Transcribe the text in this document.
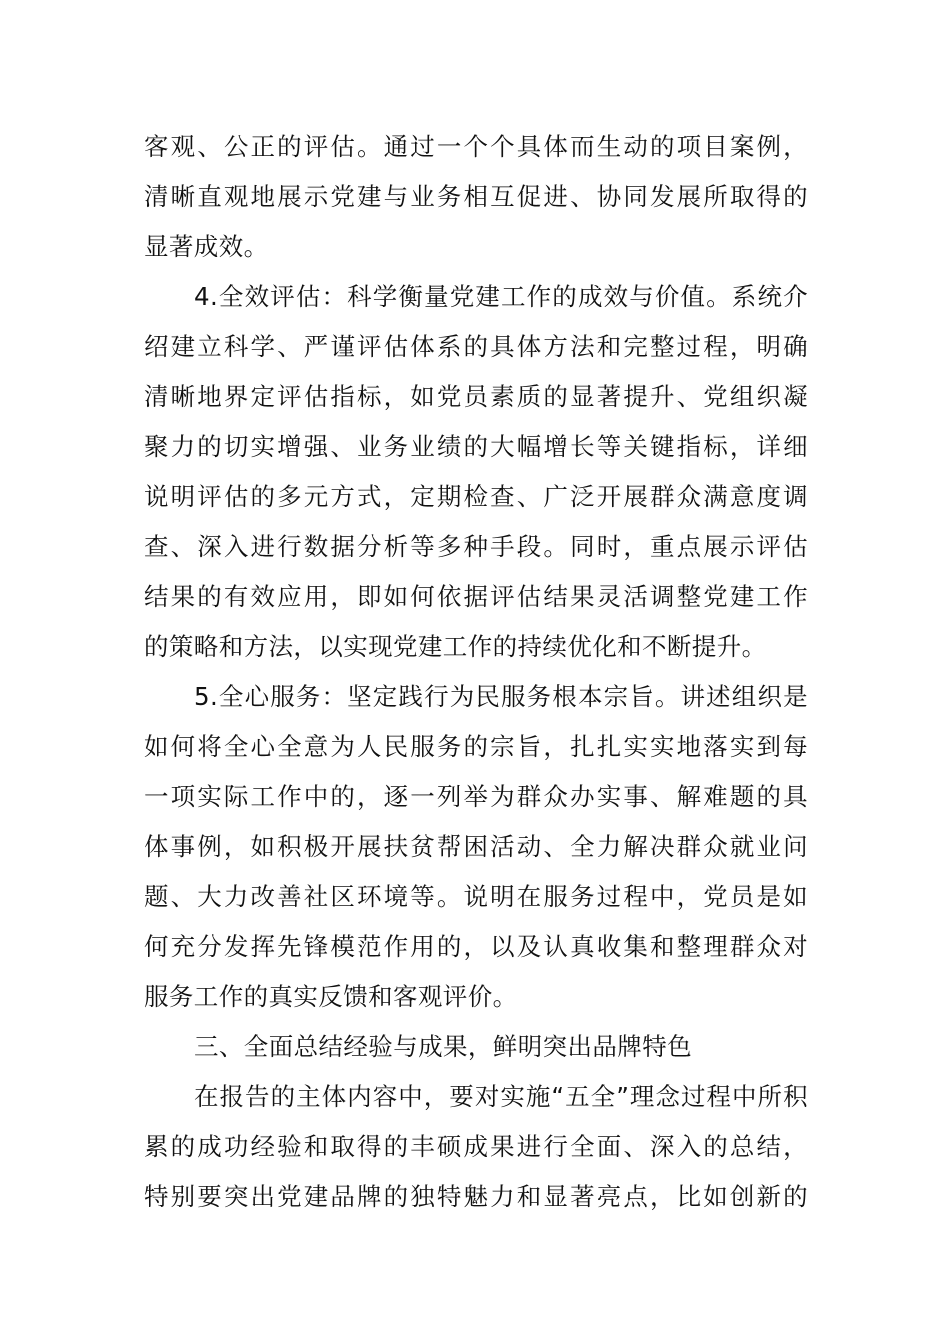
客观、公正的评估。通过一个个具体而生动的项目案例，
清晰直观地展示党建与业务相互促进、协同发展所取得的
显著成效。
4.全效评估：科学衡量党建工作的成效与价值。系统介
绍建立科学、严谨评估体系的具体方法和完整过程，明确
清晰地界定评估指标，如党员素质的显著提升、党组织凝
聚力的切实增强、业务业绩的大幅增长等关键指标，详细
说明评估的多元方式，定期检查、广泛开展群众满意度调
查、深入进行数据分析等多种手段。同时，重点展示评估
结果的有效应用，即如何依据评估结果灵活调整党建工作
的策略和方法，以实现党建工作的持续优化和不断提升。
5.全心服务：坚定践行为民服务根本宗旨。讲述组织是
如何将全心全意为人民服务的宗旨，扎扎实实地落实到每
一项实际工作中的，逐一列举为群众办实事、解难题的具
体事例，如积极开展扶贫帮困活动、全力解决群众就业问
题、大力改善社区环境等。说明在服务过程中，党员是如
何充分发挥先锋模范作用的，以及认真收集和整理群众对
服务工作的真实反馈和客观评价。
三、全面总结经验与成果，鲜明突出品牌特色
在报告的主体内容中，要对实施“五全”理念过程中所积
累的成功经验和取得的丰硕成果进行全面、深入的总结，
特别要突出党建品牌的独特魅力和显著亮点，比如创新的
